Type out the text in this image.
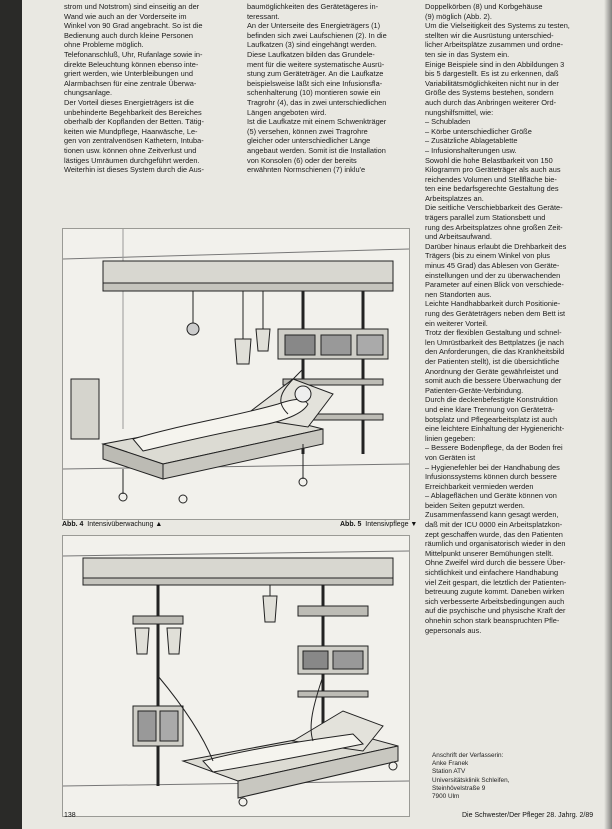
strom und Notstrom) sind einseitig an der

Wand wie auch an der Vorderseite im

Winkel von 90 Grad angebracht. So ist die

Bedienung auch durch kleine Personen

ohne Probleme möglich.

Telefonanschluß, Uhr, Rufanlage sowie in-

direkte Beleuchtung können ebenso inte-

griert werden, wie Unterbleibungen und

Alarmbachsen für eine zentrale Überwa-

chungsanlage.

Der Vorteil dieses Energieträgers ist die

unbehinderte Begehbarkeit des Bereiches

oberhalb der Kopflanden der Betten. Tätig-

keiten wie Mundpflege, Haarwäsche, Le-

gen von zentralvenösen Kathetern, Intuba-

tionen usw. können ohne Zeitverlust und

lästiges Umräumen durchgeführt werden.

Weiterhin ist dieses System durch die Aus-

baumöglichkeiten des Gerätetägeres in-

teressant.

An der Unterseite des Energieträgers (1)

befinden sich zwei Laufschienen (2). In die

Laufkatzen (3) sind eingehängt werden.

Diese Laufkatzen bilden das Grundele-

ment für die weitere systematische Ausrü-

stung zum Geräteträger. An die Laufkatze

beispielsweise läßt sich eine Infusionsfla-

schenhalterung (10) montieren sowie ein

Tragrohr (4), das in zwei unterschiedlichen

Längen angeboten wird.

Ist die Laufkatze mit einem Schwenkträger

(5) versehen, können zwei Tragrohre

gleicher oder unterschiedlicher Länge

angebaut werden. Somit ist die Installation

von Konsolen (6) oder der bereits

erwähnten Normschienen (7) inklu'e

Doppelkörben (8) und Korbgehäuse

(9) möglich (Abb. 2).

Um die Vielseitigkeit des Systems zu testen,

stellten wir die Ausrüstung unterschied-

licher Arbeitsplätze zusammen und ordne-

ten sie in das System ein.

Einige Beispiele sind in den Abbildungen 3

bis 5 dargestellt. Es ist zu erkennen, daß

Variabilitätsmöglichkeiten nicht nur in der

Größe des Systems bestehen, sondern

auch durch das Anbringen weiterer Ord-

nungshilfsmittel, wie:

– Schubladen

– Körbe unterschiedlicher Größe

– Zusätzliche Ablagetablette

– Infusionshalterungen usw.

Sowohl die hohe Belastbarkeit von 150

Kilogramm pro Geräteträger als auch aus

reichendes Volumen und Stellfläche bie-

ten eine bedarfsgerechte Gestaltung des

Arbeitsplatzes an.

Die seitliche Verschiebbarkeit des Geräte-

trägers parallel zum Stationsbett und

rung des Arbeitsplatzes ohne großen Zeit-

und Arbeitsaufwand.

Darüber hinaus erlaubt die Drehbarkeit des

Trägers (bis zu einem Winkel von plus

minus 45 Grad) das Ablesen von Geräte-

einstellungen und der zu überwachenden

Parameter auf einen Blick von verschiede-

nen Standorten aus.

Leichte Handhabbarkeit durch Positionie-

rung des Geräteträgers neben dem Bett ist

ein weiterer Vorteil.

Trotz der flexiblen Gestaltung und schnel-

len Umrüstbarkeit des Bettplatzes (je nach

den Anforderungen, die das Krankheitsbild

der Patienten stellt), ist die übersichtliche

Anordnung der Geräte gewährleistet und

somit auch die bessere Überwachung der

Patienten-Geräte-Verbindung.

Durch die deckenbefestigte Konstruktion

und eine klare Trennung von Geräteträ-

botsplatz und Pflegearbeitsplatz ist auch

eine leichtere Einhaltung der Hygienericht-

linien gegeben:

– Bessere Bodenpflege, da der Boden frei

von Geräten ist

– Hygienefehler bei der Handhabung des

Infusionssystems können durch bessere

Erreichbarkeit vermieden werden

– Ablageflächen und Geräte können von

beiden Seiten geputzt werden.

Zusammenfassend kann gesagt werden,

daß mit der ICU 0000 ein Arbeitsplatzkon-

zept geschaffen wurde, das den Patienten

räumlich und organisatorisch wieder in den

Mittelpunkt unserer Bemühungen stellt.

Ohne Zweifel wird durch die bessere Über-

sichtlichkeit und einfachere Handhabung

viel Zeit gespart, die letztlich der Patienten-

betreuung zugute kommt. Daneben wirken

sich verbesserte Arbeitsbedingungen auch

auf die psychische und physische Kraft der

ohnehin schon stark beanspruchten Pfle-

gepersonals aus.

Abb. 4 Intensivüberwachung ▲	Abb. 5 Intensivpflege ▼
138	Die Schwester/Der Pfleger 28. Jahrg. 2/89

Anschrift der Verfasserin:

Anke Franek

Station ATV

Universitätsklinik Schleifen,

Steinhövelstraße 9

7900 Ulm
